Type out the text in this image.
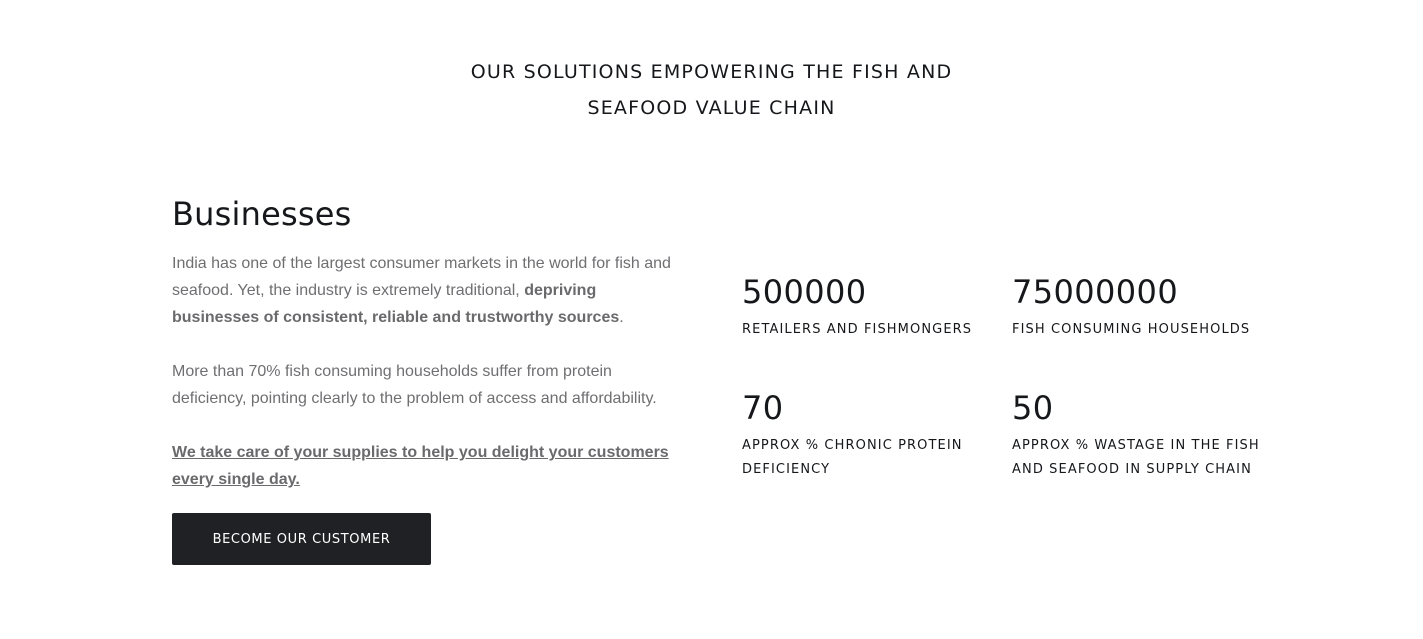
OUR SOLUTIONS EMPOWERING THE FISH AND
SEAFOOD VALUE CHAIN
Businesses

India has one of the largest consumer markets in the world for fish and seafood. Yet, the industry is extremely traditional, depriving businesses of consistent, reliable and trustworthy sources.

More than 70% fish consuming households suffer from protein deficiency, pointing clearly to the problem of access and affordability.

We take care of your supplies to help you delight your customers every single day.

BECOME OUR CUSTOMER
500000
RETAILERS AND FISHMONGERS
75000000
FISH CONSUMING HOUSEHOLDS
70
APPROX % CHRONIC PROTEIN DEFICIENCY
50
APPROX % WASTAGE IN THE FISH AND SEAFOOD IN SUPPLY CHAIN
